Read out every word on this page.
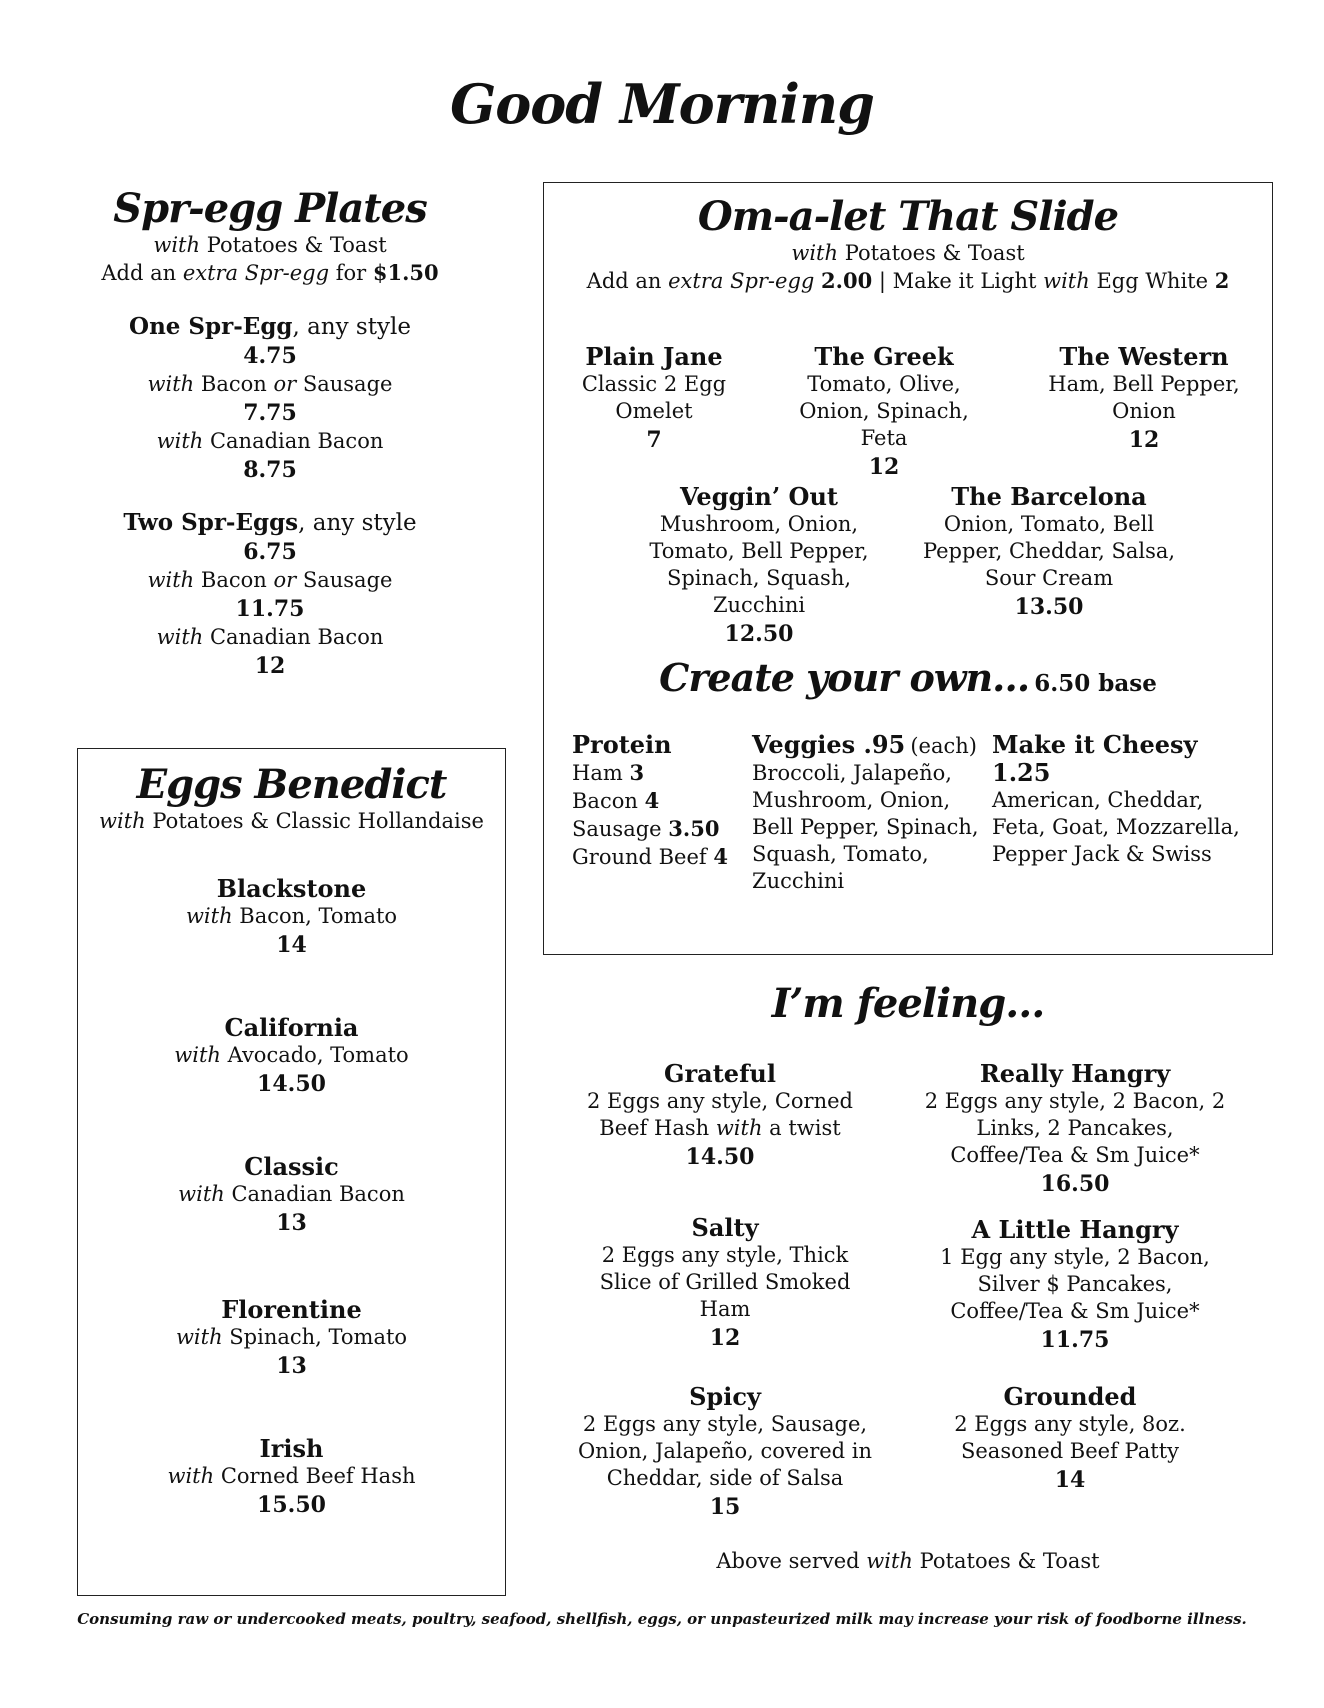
Good Morning
Spr-egg Plates
with Potatoes & Toast
Add an extra Spr-egg for $1.50
One Spr-Egg, any style
4.75
with Bacon or Sausage
7.75
with Canadian Bacon
8.75
Two Spr-Eggs, any style
6.75
with Bacon or Sausage
11.75
with Canadian Bacon
12
Eggs Benedict
with Potatoes & Classic Hollandaise
Blackstone
with Bacon, Tomato
14
California
with Avocado, Tomato
14.50
Classic
with Canadian Bacon
13
Florentine
with Spinach, Tomato
13
Irish
with Corned Beef Hash
15.50
Om-a-let That Slide
with Potatoes & Toast
Add an extra Spr-egg 2.00 | Make it Light with Egg White 2
Plain Jane
Classic 2 Egg
Omelet
7
The Greek
Tomato, Olive,
Onion, Spinach,
Feta
12
The Western
Ham, Bell Pepper,
Onion
12
Veggin’ Out
Mushroom, Onion,
Tomato, Bell Pepper,
Spinach, Squash,
Zucchini
12.50
The Barcelona
Onion, Tomato, Bell
Pepper, Cheddar, Salsa,
Sour Cream
13.50
Create your own… 6.50 base
Protein
Ham 3
Bacon 4
Sausage 3.50
Ground Beef 4
Veggies .95 (each)
Broccoli, Jalapeño,
Mushroom, Onion,
Bell Pepper, Spinach,
Squash, Tomato,
Zucchini
Make it Cheesy 1.25
American, Cheddar,
Feta, Goat, Mozzarella,
Pepper Jack & Swiss
I’m feeling…
Grateful
2 Eggs any style, Corned
Beef Hash with a twist
14.50
Really Hangry
2 Eggs any style, 2 Bacon, 2
Links, 2 Pancakes,
Coffee/Tea & Sm Juice*
16.50
Salty
2 Eggs any style, Thick
Slice of Grilled Smoked
Ham
12
A Little Hangry
1 Egg any style, 2 Bacon,
Silver $ Pancakes,
Coffee/Tea & Sm Juice*
11.75
Spicy
2 Eggs any style, Sausage,
Onion, Jalapeño, covered in
Cheddar, side of Salsa
15
Grounded
2 Eggs any style, 8oz.
Seasoned Beef Patty
14
Above served with Potatoes & Toast
Consuming raw or undercooked meats, poultry, seafood, shellfish, eggs, or unpasteurized milk may increase your risk of foodborne illness.
